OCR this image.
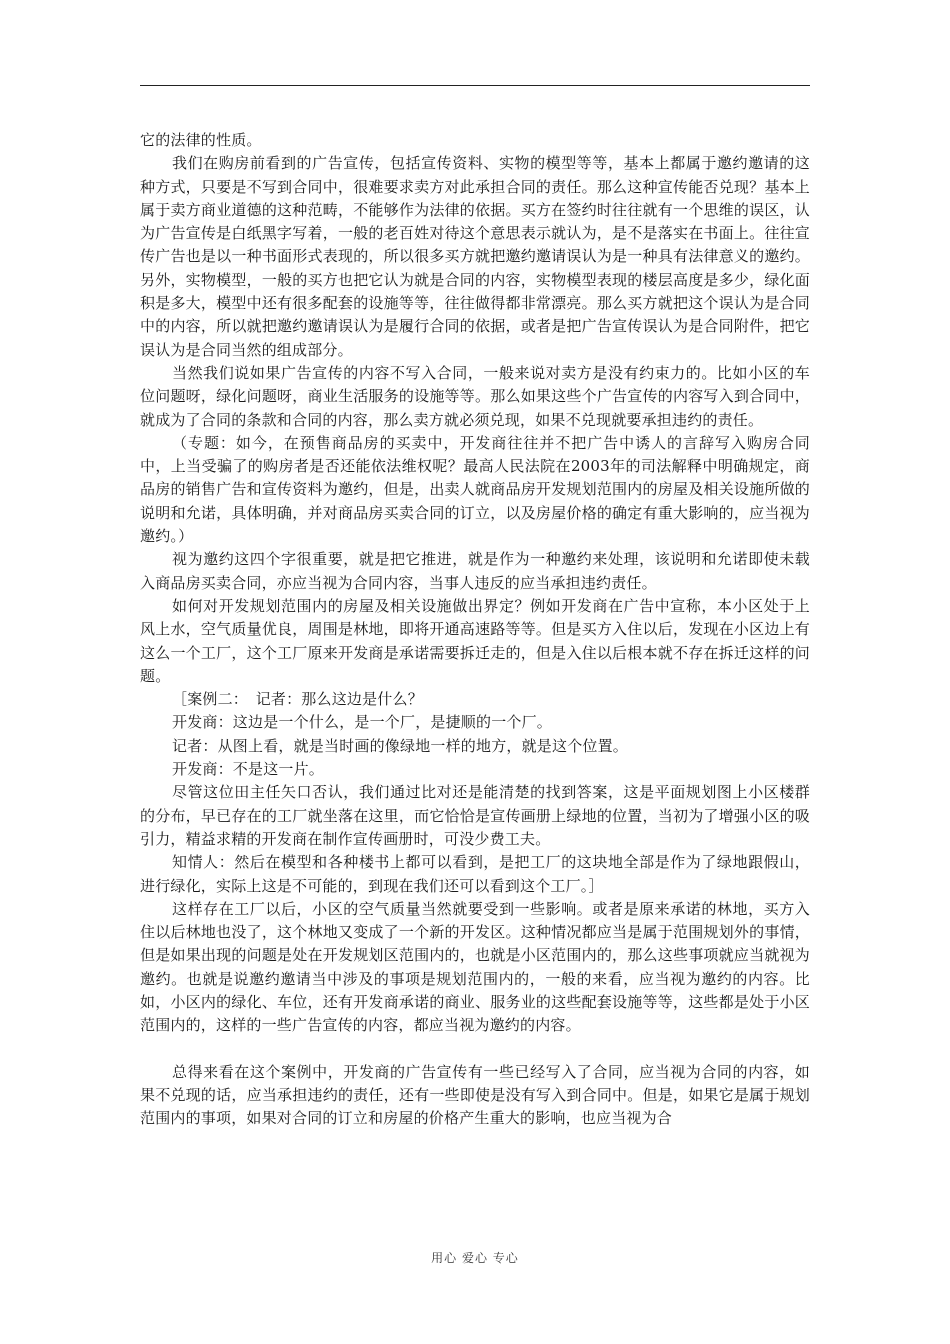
它的法律的性质。

我们在购房前看到的广告宣传，包括宣传资料、实物的模型等等，基本上都属于邀约邀请的这种方式，只要是不写到合同中，很难要求卖方对此承担合同的责任。那么这种宣传能否兑现？基本上属于卖方商业道德的这种范畴，不能够作为法律的依据。买方在签约时往往就有一个思维的误区，认为广告宣传是白纸黑字写着，一般的老百姓对待这个意思表示就认为，是不是落实在书面上。往往宣传广告也是以一种书面形式表现的，所以很多买方就把邀约邀请误认为是一种具有法律意义的邀约。另外，实物模型，一般的买方也把它认为就是合同的内容，实物模型表现的楼层高度是多少，绿化面积是多大，模型中还有很多配套的设施等等，往往做得都非常漂亮。那么买方就把这个误认为是合同中的内容，所以就把邀约邀请误认为是履行合同的依据，或者是把广告宣传误认为是合同附件，把它误认为是合同当然的组成部分。

当然我们说如果广告宣传的内容不写入合同，一般来说对卖方是没有约束力的。比如小区的车位问题呀，绿化问题呀，商业生活服务的设施等等。那么如果这些个广告宣传的内容写入到合同中，就成为了合同的条款和合同的内容，那么卖方就必须兑现，如果不兑现就要承担违约的责任。

（专题：如今，在预售商品房的买卖中，开发商往往并不把广告中诱人的言辞写入购房合同中，上当受骗了的购房者是否还能依法维权呢？最高人民法院在2003年的司法解释中明确规定，商品房的销售广告和宣传资料为邀约，但是，出卖人就商品房开发规划范围内的房屋及相关设施所做的说明和允诺，具体明确，并对商品房买卖合同的订立，以及房屋价格的确定有重大影响的，应当视为邀约。）

视为邀约这四个字很重要，就是把它推进，就是作为一种邀约来处理，该说明和允诺即使未载入商品房买卖合同，亦应当视为合同内容，当事人违反的应当承担违约责任。

如何对开发规划范围内的房屋及相关设施做出界定？例如开发商在广告中宣称，本小区处于上风上水，空气质量优良，周围是林地，即将开通高速路等等。但是买方入住以后，发现在小区边上有这么一个工厂，这个工厂原来开发商是承诺需要拆迁走的，但是入住以后根本就不存在拆迁这样的问题。

［案例二：　记者：那么这边是什么？

开发商：这边是一个什么，是一个厂，是捷顺的一个厂。

记者：从图上看，就是当时画的像绿地一样的地方，就是这个位置。

开发商：不是这一片。

尽管这位田主任矢口否认，我们通过比对还是能清楚的找到答案，这是平面规划图上小区楼群的分布，早已存在的工厂就坐落在这里，而它恰恰是宣传画册上绿地的位置，当初为了增强小区的吸引力，精益求精的开发商在制作宣传画册时，可没少费工夫。

知情人：然后在模型和各种楼书上都可以看到，是把工厂的这块地全部是作为了绿地跟假山，进行绿化，实际上这是不可能的，到现在我们还可以看到这个工厂。］

这样存在工厂以后，小区的空气质量当然就要受到一些影响。或者是原来承诺的林地，买方入住以后林地也没了，这个林地又变成了一个新的开发区。这种情况都应当是属于范围规划外的事情，但是如果出现的问题是处在开发规划区范围内的，也就是小区范围内的，那么这些事项就应当就视为邀约。也就是说邀约邀请当中涉及的事项是规划范围内的，一般的来看，应当视为邀约的内容。比如，小区内的绿化、车位，还有开发商承诺的商业、服务业的这些配套设施等等，这些都是处于小区范围内的，这样的一些广告宣传的内容，都应当视为邀约的内容。

总得来看在这个案例中，开发商的广告宣传有一些已经写入了合同，应当视为合同的内容，如果不兑现的话，应当承担违约的责任，还有一些即使是没有写入到合同中。但是，如果它是属于规划范围内的事项，如果对合同的订立和房屋的价格产生重大的影响，也应当视为合

用心 爱心 专心
